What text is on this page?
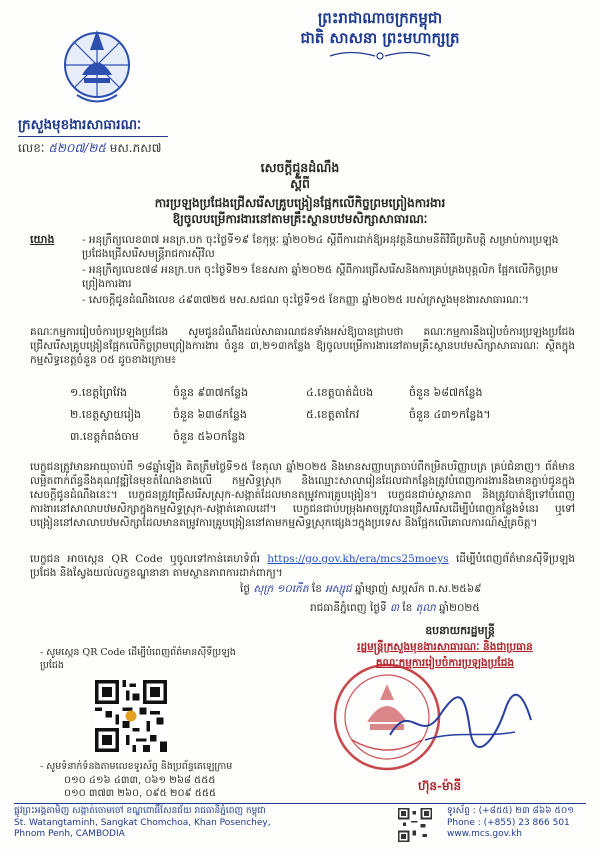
ព្រះរាជាណាចក្រកម្ពុជា
ជាតិ សាសនា ព្រះមហាក្សត្រ
ក្រសួងមុខងារសាធារណៈ
លេខៈ ៥២០៧/២៥ មស.ភស៧
សេចក្តីជូនដំណឹង
ស្តីពី
ការប្រឡងប្រជែងជ្រើសរើសគ្រូបង្រៀនផ្អែកលើកិច្ចព្រមព្រៀងការងារ
ឱ្យចូលបម្រើការងារនៅតាមគ្រឹះស្ថានបឋមសិក្សាសាធារណៈ
យោង	- អនុក្រឹត្យលេខ៣៧ អនក្រ.បក ចុះថ្ងៃទី១៩ ខែកុម្ភៈ ឆ្នាំ២០២៤ ស្តីពីការដាក់ឱ្យអនុវត្តនិយាមនីតិវិធីប្រតិបត្តិ សម្រាប់ការប្រឡងប្រជែងជ្រើសរើសមន្ត្រីរាជការស៊ីវិល
- អនុក្រឹត្យលេខ៧៨ អនក្រ.បក ចុះថ្ងៃទី២១ ខែឧសភា ឆ្នាំ២០២៥ ស្តីពីការជ្រើសរើសនិងការគ្រប់គ្រងបុគ្គលិក ផ្អែកលើកិច្ចព្រមព្រៀងការងារ
- សេចក្តីជូនដំណឹងលេខ ៤៩៣៧២៥ មស.សជណ ចុះថ្ងៃទី១៥ ខែកញ្ញា ឆ្នាំ២០២៥ របស់ក្រសួងមុខងារសាធារណៈ។
គណៈកម្មការរៀបចំការប្រឡងប្រជែង សូមជូនដំណឹងដល់សាធារណជនទាំងអស់ឱ្យបានជ្រាបថា គណៈកម្មការនឹងរៀបចំការប្រឡងប្រជែងជ្រើសរើសគ្រូបង្រៀនផ្អែកលើកិច្ចព្រមព្រៀងការងារ ចំនួន ៣,២១៣កន្លែង ឱ្យចូលបម្រើការងារនៅតាមគ្រឹះស្ថានបឋមសិក្សាសាធារណៈ ស្ថិតក្នុងកម្មសិទ្ធខេត្តចំនួន ០៥ ដូចខាងក្រោម៖
១.ខេត្តព្រៃវែង	ចំនួន ៩៣៧កន្លែង	៤.ខេត្តបាត់ដំបង	ចំនួន ៦៨៧កន្លែង
២.ខេត្តស្វាយរៀង	ចំនួន ៦៣៨កន្លែង	៥.ខេត្តតាកែវ	ចំនួន ៤៣១កន្លែង។
៣.ខេត្តកំពង់ចាម	ចំនួន ៥៦០កន្លែង		
បេក្ខជនត្រូវមានអាយុចាប់ពី ១៨ឆ្នាំឡើង គិតត្រឹមថ្ងៃទី១៥ ខែតុលា ឆ្នាំ២០២៥ និងមានសញ្ញាបត្រចាប់ពីកម្រិតបរិញ្ញាបត្រ គ្រប់ជំនាញ។ ព័ត៌មានលម្អិតពាក់ព័ន្ធនឹងគុណវុឌ្ឍិនៃមុខតំណែងខាងលើ កម្មសិទ្ធស្រុក និងឈ្មោះសាលារៀនដែលជាកន្លែងត្រូវបំពេញការងារនឹងមានភ្ជាប់ជូនក្នុងសេចក្តីជូនដំណឹងនេះ។ បេក្ខជនត្រូវជ្រើសរើសស្រុក-សង្កាត់ដែលមានតម្រូវការគ្រូបង្រៀន។ បេក្ខជនជាប់ស្ថានភាព និងត្រូវបាត់ឱ្យទៅបំពេញការងារនៅសាលាបឋមសិក្សាក្នុងកម្មសិទ្ធស្រុក-សង្កាត់គោលដៅ។ បេក្ខជនជាប់បម្រុងអាចត្រូវបានជ្រើសរើសដើម្បីបំពេញកន្លែងទំនេរ ឬទៅបង្រៀននៅសាលាបឋមសិក្សាដែលមានតម្រូវការគ្រូបង្រៀននៅតាមកម្មសិទ្ធស្រុកផ្សេងៗក្នុងប្រទេស និងផ្អែកលើគោលការណ៍ស្ម័គ្រចិត្ត។
បេក្ខជន អាចស្កេន QR Code ឬចូលទៅកាន់គេហទំព័រ https://go.gov.kh/era/mcs25moeys ដើម្បីបំពេញព័ត៌មានស៊ីទីប្រឡងប្រជែង និងស្វែងយល់លក្ខខណ្ឌនានា តាមស្ថានភាពការដាក់ពាក្យ។
ថ្ងៃ សុក្រ ១០កើត ខែ អស្សុជ ឆ្នាំម្សាញ់ សប្តស័ក ព.ស.២៥៦៩
រាជធានីភ្នំពេញ ថ្ងៃទី ៣ ខែ តុលា ឆ្នាំ២០២៥
ឧបនាយករដ្ឋមន្ត្រី
រដ្ឋមន្ត្រីក្រសួងមុខងារសាធារណៈ និងជាប្រធាន
គណៈកម្មការរៀបចំការប្រឡងប្រជែង
ហ៊ុន-ម៉ានី
- សូមស្កេន QR Code ដើម្បីបំពេញព័ត៌មានស៊ីទីប្រឡងប្រជែង
- សូមទំនាក់ទំនងតាមលេខទូរស័ព្ទ និងប្រព័ន្ធតេឡេក្រាម
០១០ ៤១៦ ៤៣៣, ០៦១ ២៦៨ ៥៥៥
០១០ ៣៧៣ ២៦០, ០៩៥ ២០៩ ៥៥៥
ផ្លូវព្រះអង្គតាមិញ សង្កាត់ចោមចៅ ខណ្ឌពោធិ៍សែនជ័យ រាជធានីភ្នំពេញ កម្ពុជា
St. Watangtaminh, Sangkat Chomchoa, Khan Posenchey,
Phnom Penh, CAMBODIA
ទូរស័ព្ទ : (+៨៥៥) ២៣ ៨៦៦ ៥០១
Phone : (+855) 23 866 501
www.mcs.gov.kh
